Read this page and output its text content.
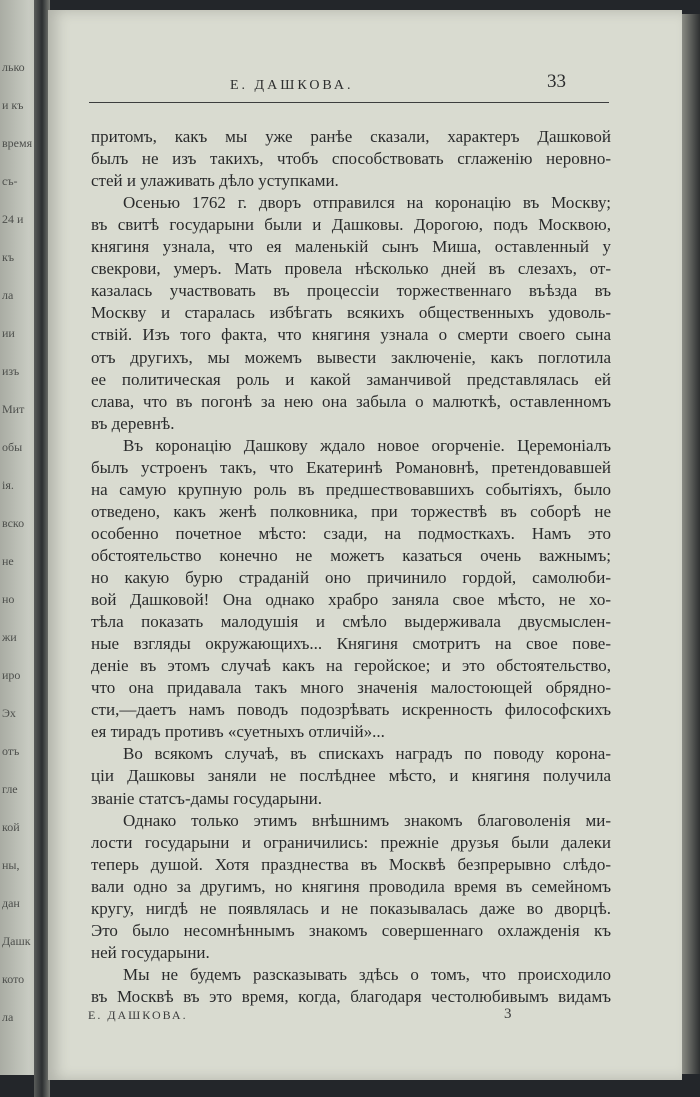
лько
и къ
время
съ-
24 и
къ
ла
ии
изъ
Мит
обы
ія.
вско
не
но
жи
иро
Эх
отъ
гле
кой
ны,
дан
Дашк
кото
ла
Е. ДАШКОВА.	33
притомъ, какъ мы уже ранѣе сказали, характеръ Дашковой
былъ не изъ такихъ, чтобъ способствовать сглаженію неровно-
стей и улаживать дѣло уступками.
Осенью 1762 г. дворъ отправился на коронацію въ Москву;
въ свитѣ государыни были и Дашковы. Дорогою, подъ Москвою,
княгиня узнала, что ея маленькій сынъ Миша, оставленный у
свекрови, умеръ. Мать провела нѣсколько дней въ слезахъ, от-
казалась участвовать въ процессіи торжественнаго въѣзда въ
Москву и старалась избѣгать всякихъ общественныхъ удоволь-
ствій. Изъ того факта, что княгиня узнала о смерти своего сына
отъ другихъ, мы можемъ вывести заключеніе, какъ поглотила
ее политическая роль и какой заманчивой представлялась ей
слава, что въ погонѣ за нею она забыла о малюткѣ, оставленномъ
въ деревнѣ.
Въ коронацію Дашкову ждало новое огорченіе. Церемоніалъ
былъ устроенъ такъ, что Екатеринѣ Романовнѣ, претендовавшей
на самую крупную роль въ предшествовавшихъ событіяхъ, было
отведено, какъ женѣ полковника, при торжествѣ въ соборѣ не
особенно почетное мѣсто: сзади, на подмосткахъ. Намъ это
обстоятельство конечно не можетъ казаться очень важнымъ;
но какую бурю страданій оно причинило гордой, самолюби-
вой Дашковой! Она однако храбро заняла свое мѣсто, не хо-
тѣла показать малодушія и смѣло выдерживала двусмыслен-
ные взгляды окружающихъ... Княгиня смотритъ на свое пове-
деніе въ этомъ случаѣ какъ на геройское; и это обстоятельство,
что она придавала такъ много значенія малостоющей обрядно-
сти,—даетъ намъ поводъ подозрѣвать искренность философскихъ
ея тирадъ противъ «суетныхъ отличій»...
Во всякомъ случаѣ, въ спискахъ наградъ по поводу корона-
ціи Дашковы заняли не послѣднее мѣсто, и княгиня получила
званіе статсъ-дамы государыни.
Однако только этимъ внѣшнимъ знакомъ благоволенія ми-
лости государыни и ограничились: прежніе друзья были далеки
теперь душой. Хотя празднества въ Москвѣ безпрерывно слѣдо-
вали одно за другимъ, но княгиня проводила время въ семейномъ
кругу, нигдѣ не появлялась и не показывалась даже во дворцѣ.
Это было несомнѣннымъ знакомъ совершеннаго охлажденія къ
ней государыни.
Мы не будемъ разсказывать здѣсь о томъ, что происходило
въ Москвѣ въ это время, когда, благодаря честолюбивымъ видамъ
Е. ДАШКОВА.	3
